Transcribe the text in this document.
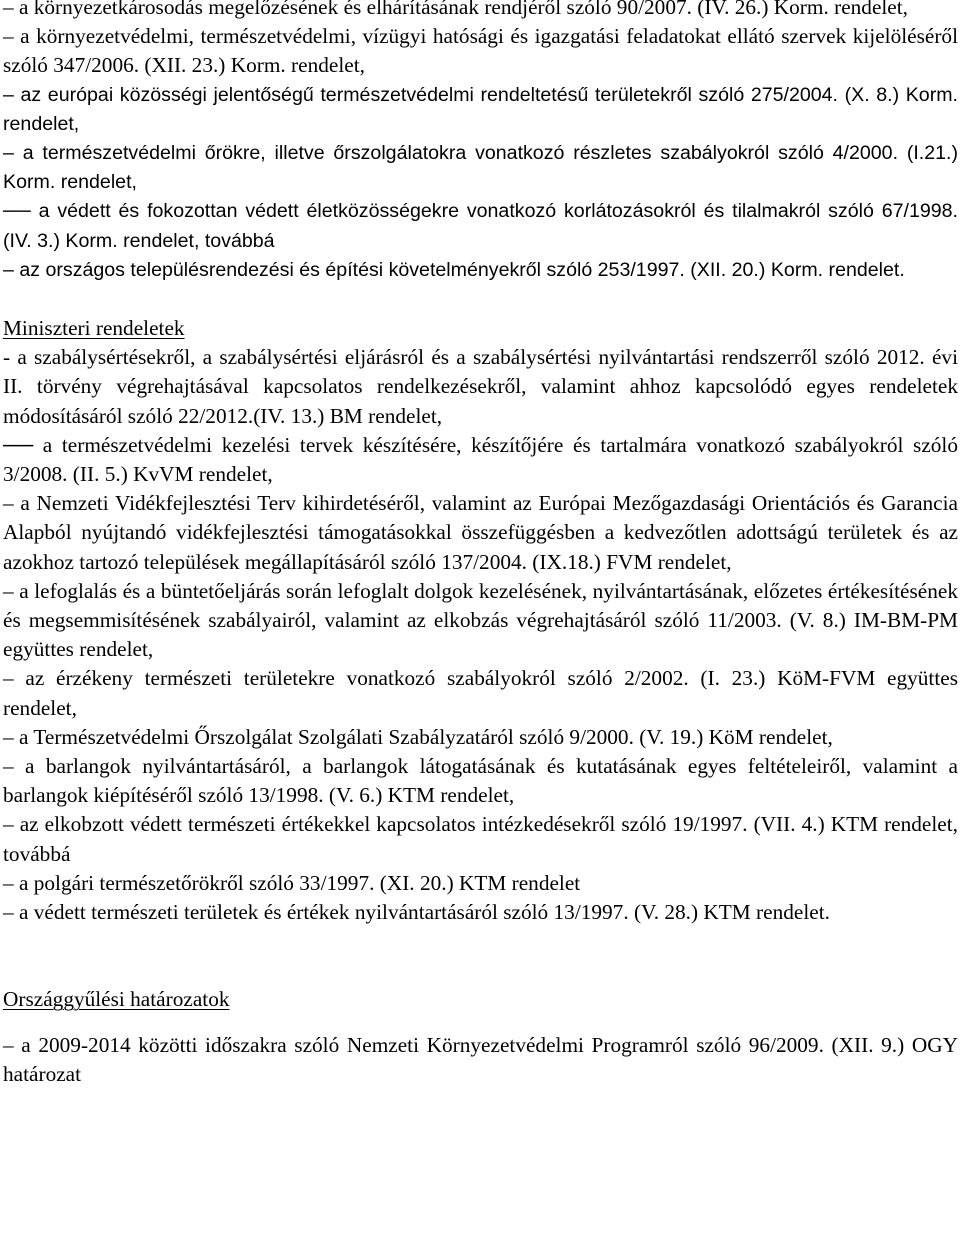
– a környezetkárosodás megelőzésének és elhárításának rendjéről szóló 90/2007. (IV. 26.) Korm. rendelet,

– a környezetvédelmi, természetvédelmi, vízügyi hatósági és igazgatási feladatokat ellátó szervek kijelöléséről szóló 347/2006. (XII. 23.) Korm. rendelet,

– az európai közösségi jelentőségű természetvédelmi rendeltetésű területekről szóló 275/2004. (X. 8.) Korm. rendelet,

– a természetvédelmi őrökre, illetve őrszolgálatokra vonatkozó részletes szabályokról szóló 4/2000. (I.21.) Korm. rendelet,

── a védett és fokozottan védett életközösségekre vonatkozó korlátozásokról és tilalmakról szóló 67/1998. (IV. 3.) Korm. rendelet, továbbá

– az országos településrendezési és építési követelményekről szóló 253/1997. (XII. 20.) Korm. rendelet.

Miniszteri rendeletek

- a szabálysértésekről, a szabálysértési eljárásról és a szabálysértési nyilvántartási rendszerről szóló 2012. évi II. törvény végrehajtásával kapcsolatos rendelkezésekről, valamint ahhoz kapcsolódó egyes rendeletek módosításáról szóló 22/2012.(IV. 13.) BM rendelet,

── a természetvédelmi kezelési tervek készítésére, készítőjére és tartalmára vonatkozó szabályokról szóló 3/2008. (II. 5.) KvVM rendelet,

– a Nemzeti Vidékfejlesztési Terv kihirdetéséről, valamint az Európai Mezőgazdasági Orientációs és Garancia Alapból nyújtandó vidékfejlesztési támogatásokkal összefüggésben a kedvezőtlen adottságú területek és az azokhoz tartozó települések megállapításáról szóló 137/2004. (IX.18.) FVM rendelet,

– a lefoglalás és a büntetőeljárás során lefoglalt dolgok kezelésének, nyilvántartásának, előzetes értékesítésének és megsemmisítésének szabályairól, valamint az elkobzás végrehajtásáról szóló 11/2003. (V. 8.) IM-BM-PM együttes rendelet,

– az érzékeny természeti területekre vonatkozó szabályokról szóló 2/2002. (I. 23.) KöM-FVM együttes rendelet,

– a Természetvédelmi Őrszolgálat Szolgálati Szabályzatáról szóló 9/2000. (V. 19.) KöM rendelet,

– a barlangok nyilvántartásáról, a barlangok látogatásának és kutatásának egyes feltételeiről, valamint a barlangok kiépítéséről szóló 13/1998. (V. 6.) KTM rendelet,

– az elkobzott védett természeti értékekkel kapcsolatos intézkedésekről szóló 19/1997. (VII. 4.) KTM rendelet, továbbá

– a polgári természetőrökről szóló 33/1997. (XI. 20.) KTM rendelet

– a védett természeti területek és értékek nyilvántartásáról szóló 13/1997. (V. 28.) KTM rendelet.

Országgyűlési határozatok

– a 2009-2014 közötti időszakra szóló Nemzeti Környezetvédelmi Programról szóló 96/2009. (XII. 9.) OGY határozat
